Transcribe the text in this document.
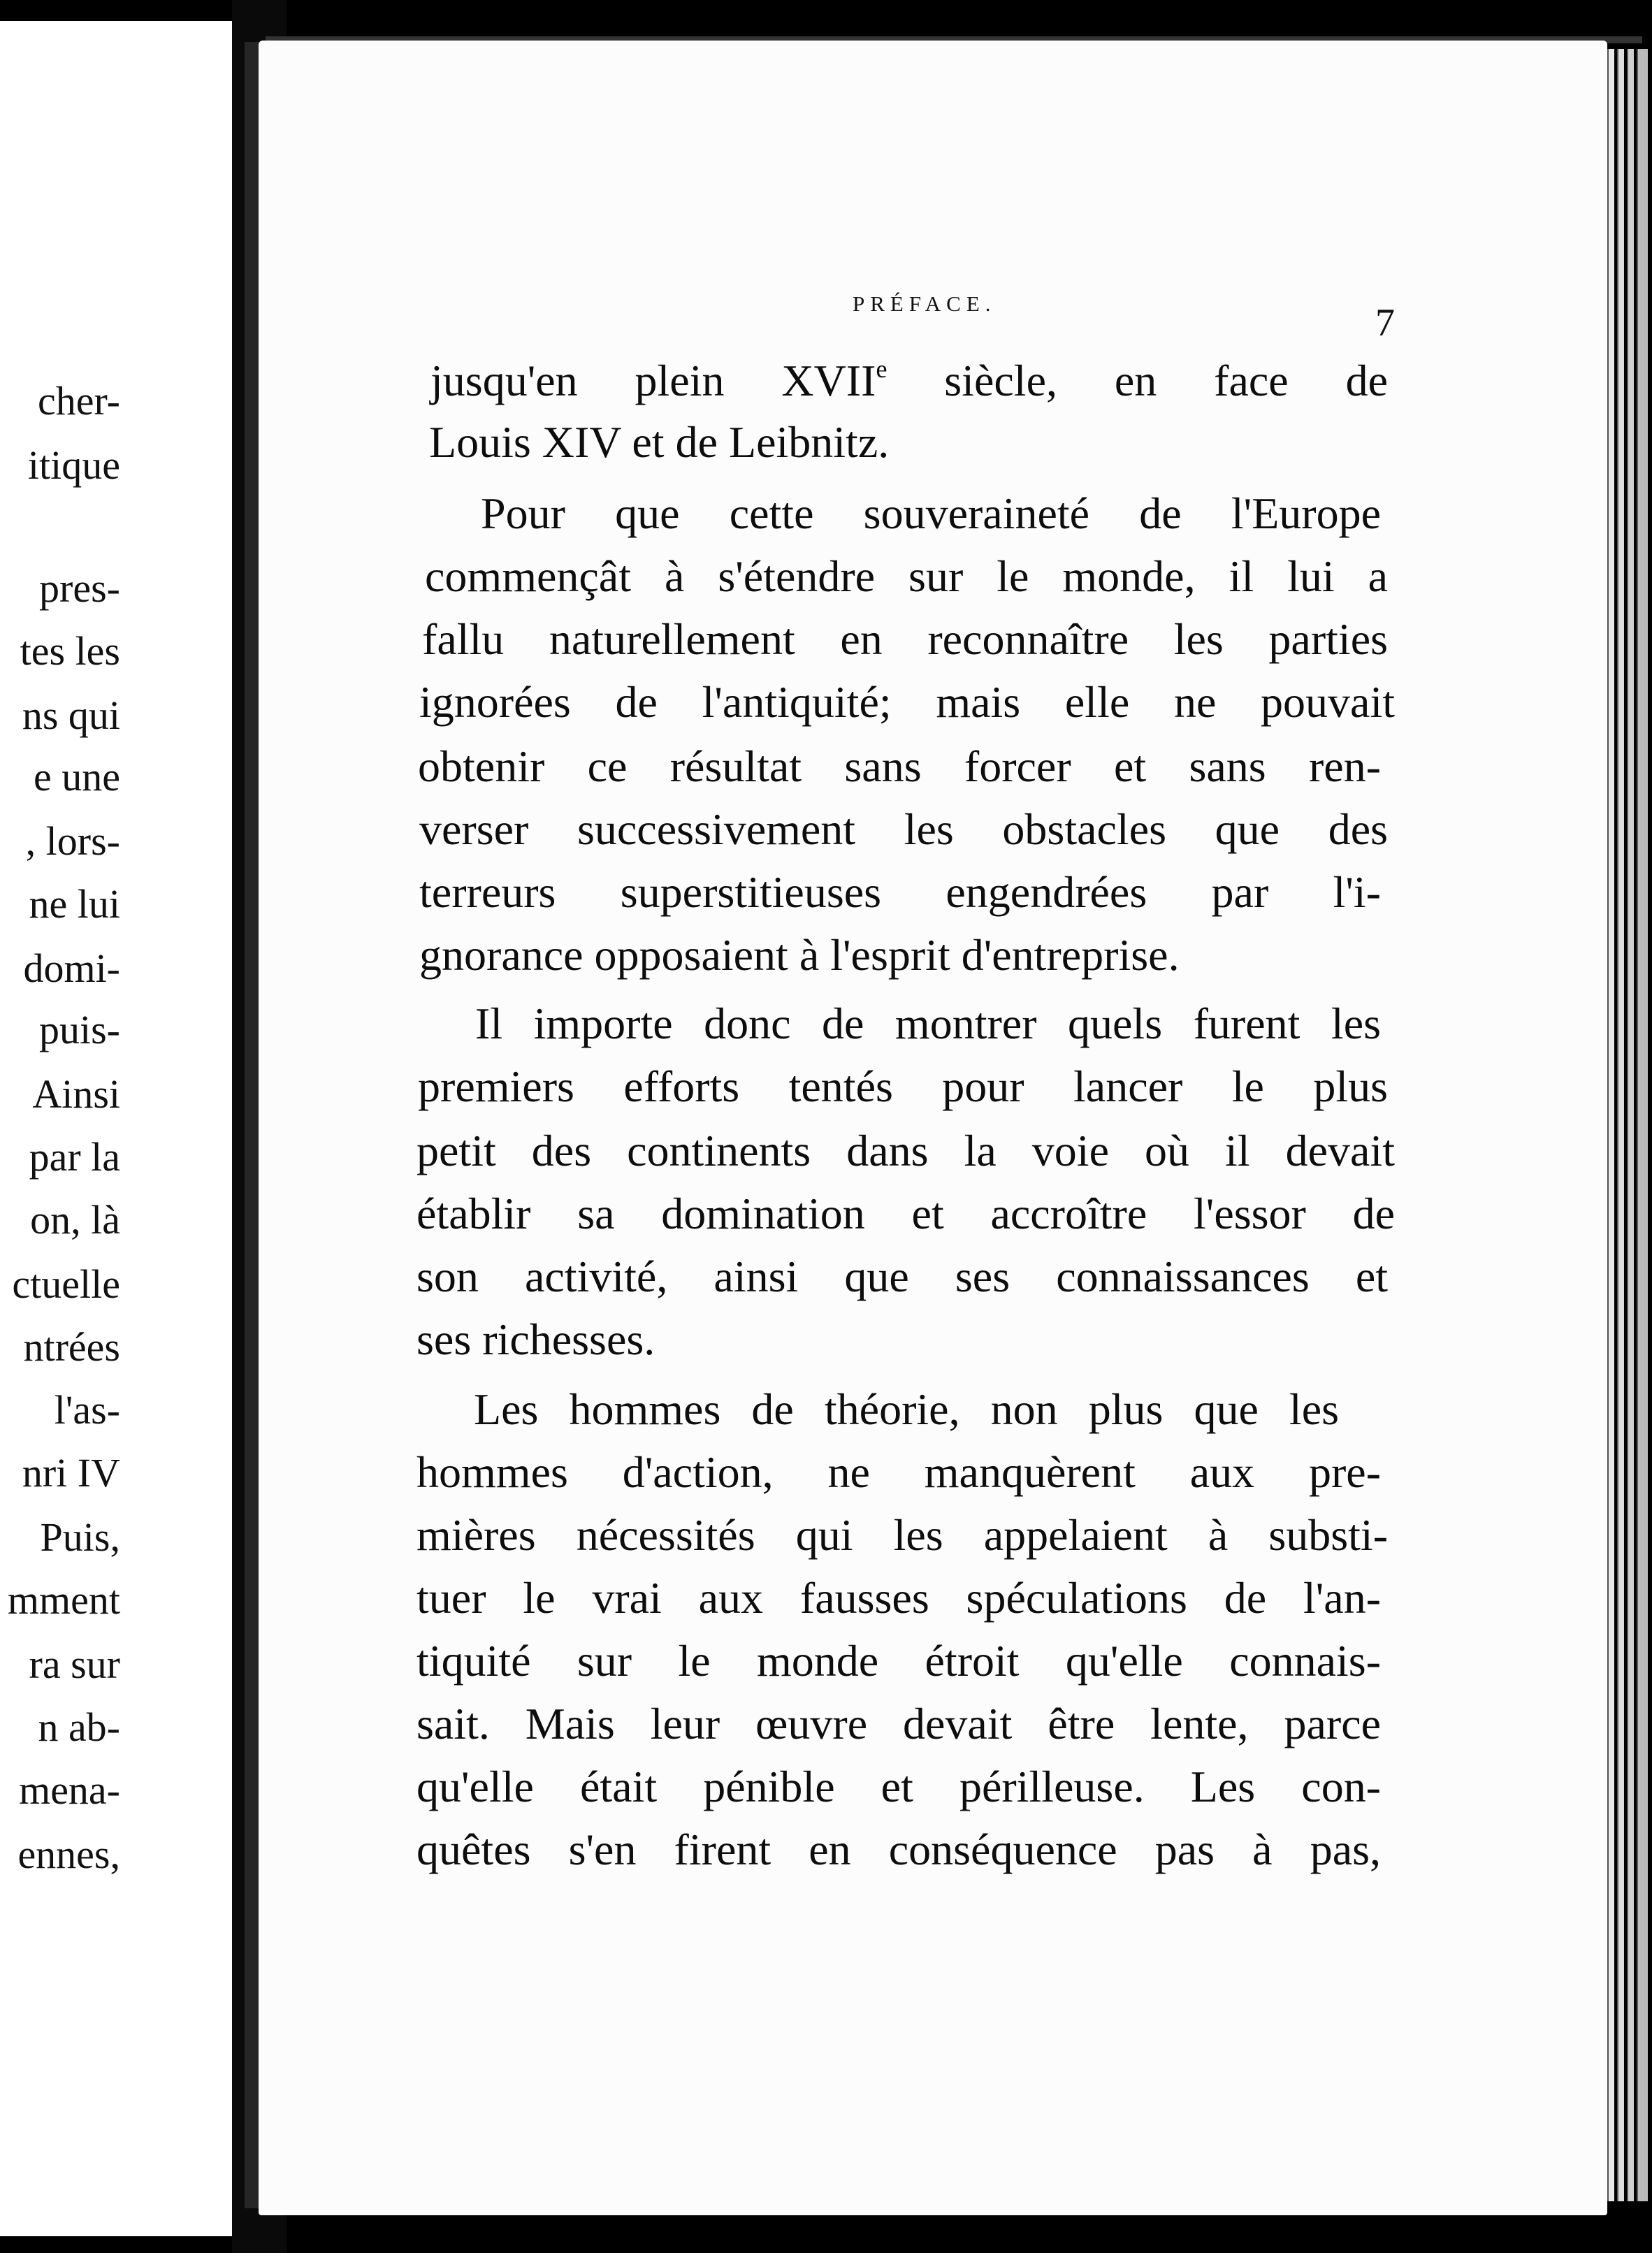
cher-
itique
pres-
tes les
ns qui
e une
, lors-
ne lui
domi-
puis-
Ainsi
par la
on, là
ctuelle
ntrées
l'as-
nri IV
Puis,
mment
ra sur
n ab-
mena-
ennes,
PRÉFACE.	7
jusqu'en plein XVIIe siècle, en face de
Louis XIV et de Leibnitz.
Pour que cette souveraineté de l'Europe
commençât à s'étendre sur le monde, il lui a
fallu naturellement en reconnaître les parties
ignorées de l'antiquité; mais elle ne pouvait
obtenir ce résultat sans forcer et sans ren-
verser successivement les obstacles que des
terreurs superstitieuses engendrées par l'i-
gnorance opposaient à l'esprit d'entreprise.
Il importe donc de montrer quels furent les
premiers efforts tentés pour lancer le plus
petit des continents dans la voie où il devait
établir sa domination et accroître l'essor de
son activité, ainsi que ses connaissances et
ses richesses.
Les hommes de théorie, non plus que les
hommes d'action, ne manquèrent aux pre-
mières nécessités qui les appelaient à substi-
tuer le vrai aux fausses spéculations de l'an-
tiquité sur le monde étroit qu'elle connais-
sait. Mais leur œuvre devait être lente, parce
qu'elle était pénible et périlleuse. Les con-
quêtes s'en firent en conséquence pas à pas,
